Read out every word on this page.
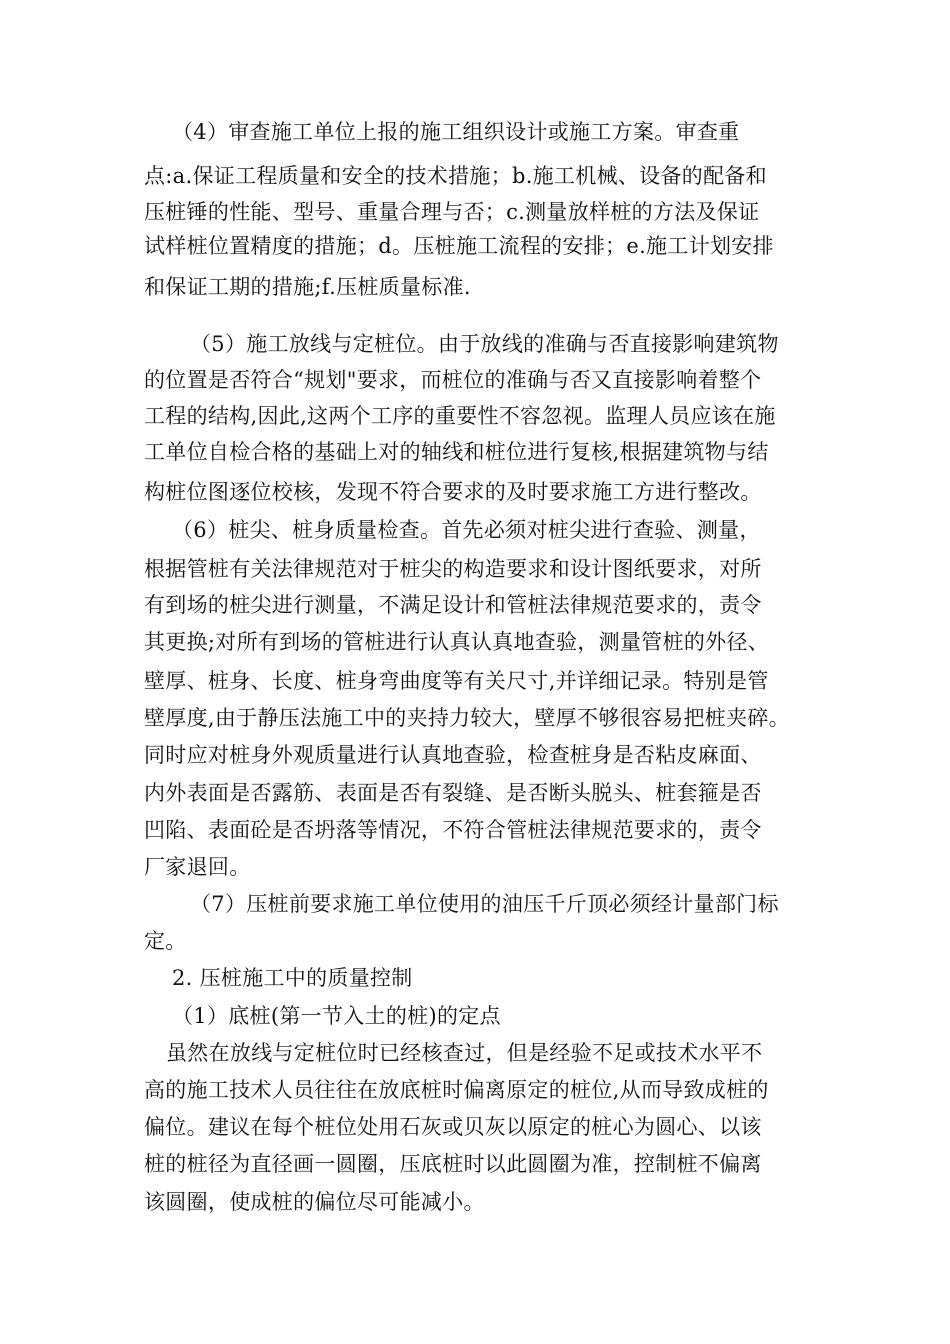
（4）审查施工单位上报的施工组织设计或施工方案。审查重
点:a.保证工程质量和安全的技术措施；b.施工机械、设备的配备和
压桩锤的性能、型号、重量合理与否；c.测量放样桩的方法及保证
试样桩位置精度的措施；d。压桩施工流程的安排；e.施工计划安排
和保证工期的措施;f.压桩质量标准.
（5）施工放线与定桩位。由于放线的准确与否直接影响建筑物
的位置是否符合“规划"要求，而桩位的准确与否又直接影响着整个
工程的结构,因此,这两个工序的重要性不容忽视。监理人员应该在施
工单位自检合格的基础上对的轴线和桩位进行复核,根据建筑物与结
构桩位图逐位校核，发现不符合要求的及时要求施工方进行整改。
（6）桩尖、桩身质量检查。首先必须对桩尖进行查验、测量，
根据管桩有关法律规范对于桩尖的构造要求和设计图纸要求，对所
有到场的桩尖进行测量，不满足设计和管桩法律规范要求的，责令
其更换;对所有到场的管桩进行认真认真地查验，测量管桩的外径、
壁厚、桩身、长度、桩身弯曲度等有关尺寸,并详细记录。特别是管
壁厚度,由于静压法施工中的夹持力较大，壁厚不够很容易把桩夹碎。
同时应对桩身外观质量进行认真地查验，检查桩身是否粘皮麻面、
内外表面是否露筋、表面是否有裂缝、是否断头脱头、桩套箍是否
凹陷、表面砼是否坍落等情况，不符合管桩法律规范要求的，责令
厂家退回。
（7）压桩前要求施工单位使用的油压千斤顶必须经计量部门标
定。
2. 压桩施工中的质量控制
（1）底桩(第一节入土的桩)的定点
虽然在放线与定桩位时已经核查过，但是经验不足或技术水平不
高的施工技术人员往往在放底桩时偏离原定的桩位,从而导致成桩的
偏位。建议在每个桩位处用石灰或贝灰以原定的桩心为圆心、以该
桩的桩径为直径画一圆圈，压底桩时以此圆圈为准，控制桩不偏离
该圆圈，使成桩的偏位尽可能减小。
